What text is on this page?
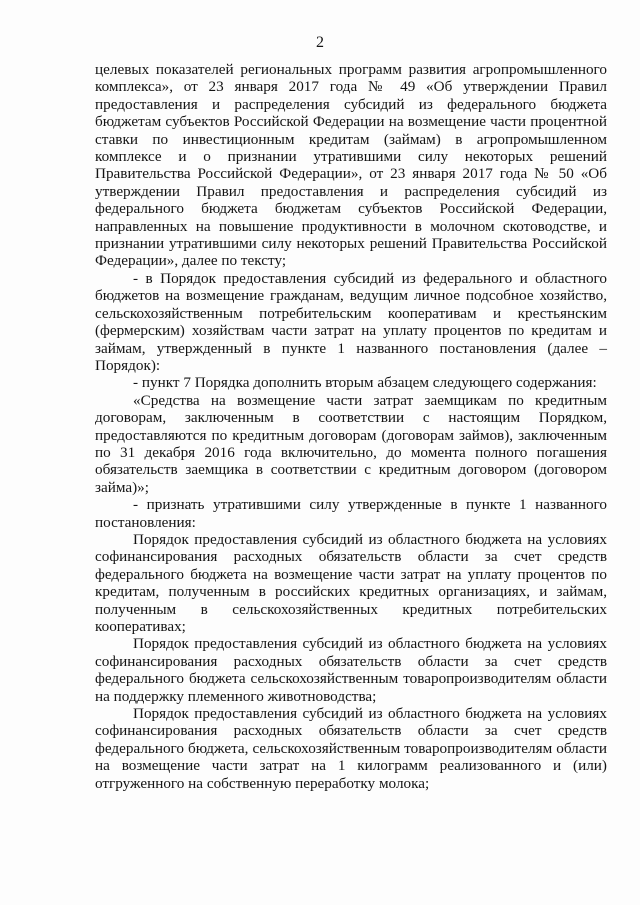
2

целевых показателей региональных программ развития агропромышленного комплекса», от 23 января 2017 года № 49 «Об утверждении Правил предоставления и распределения субсидий из федерального бюджета бюджетам субъектов Российской Федерации на возмещение части процентной ставки по инвестиционным кредитам (займам) в агропромышленном комплексе и о признании утратившими силу некоторых решений Правительства Российской Федерации», от 23 января 2017 года № 50 «Об утверждении Правил предоставления и распределения субсидий из федерального бюджета бюджетам субъектов Российской Федерации, направленных на повышение продуктивности в молочном скотоводстве, и признании утратившими силу некоторых решений Правительства Российской Федерации», далее по тексту;

- в Порядок предоставления субсидий из федерального и областного бюджетов на возмещение гражданам, ведущим личное подсобное хозяйство, сельскохозяйственным потребительским кооперативам и крестьянским (фермерским) хозяйствам части затрат на уплату процентов по кредитам и займам, утвержденный в пункте 1 названного постановления (далее – Порядок):

- пункт 7 Порядка дополнить вторым абзацем следующего содержания:

«Средства на возмещение части затрат заемщикам по кредитным договорам, заключенным в соответствии с настоящим Порядком, предоставляются по кредитным договорам (договорам займов), заключенным по 31 декабря 2016 года включительно, до момента полного погашения обязательств заемщика в соответствии с кредитным договором (договором займа)»;

- признать утратившими силу утвержденные в пункте 1 названного постановления:

Порядок предоставления субсидий из областного бюджета на условиях софинансирования расходных обязательств области за счет средств федерального бюджета на возмещение части затрат на уплату процентов по кредитам, полученным в российских кредитных организациях, и займам, полученным в сельскохозяйственных кредитных потребительских кооперативах;

Порядок предоставления субсидий из областного бюджета на условиях софинансирования расходных обязательств области за счет средств федерального бюджета сельскохозяйственным товаропроизводителям области на поддержку племенного животноводства;

Порядок предоставления субсидий из областного бюджета на условиях софинансирования расходных обязательств области за счет средств федерального бюджета, сельскохозяйственным товаропроизводителям области на возмещение части затрат на 1 килограмм реализованного и (или) отгруженного на собственную переработку молока;
